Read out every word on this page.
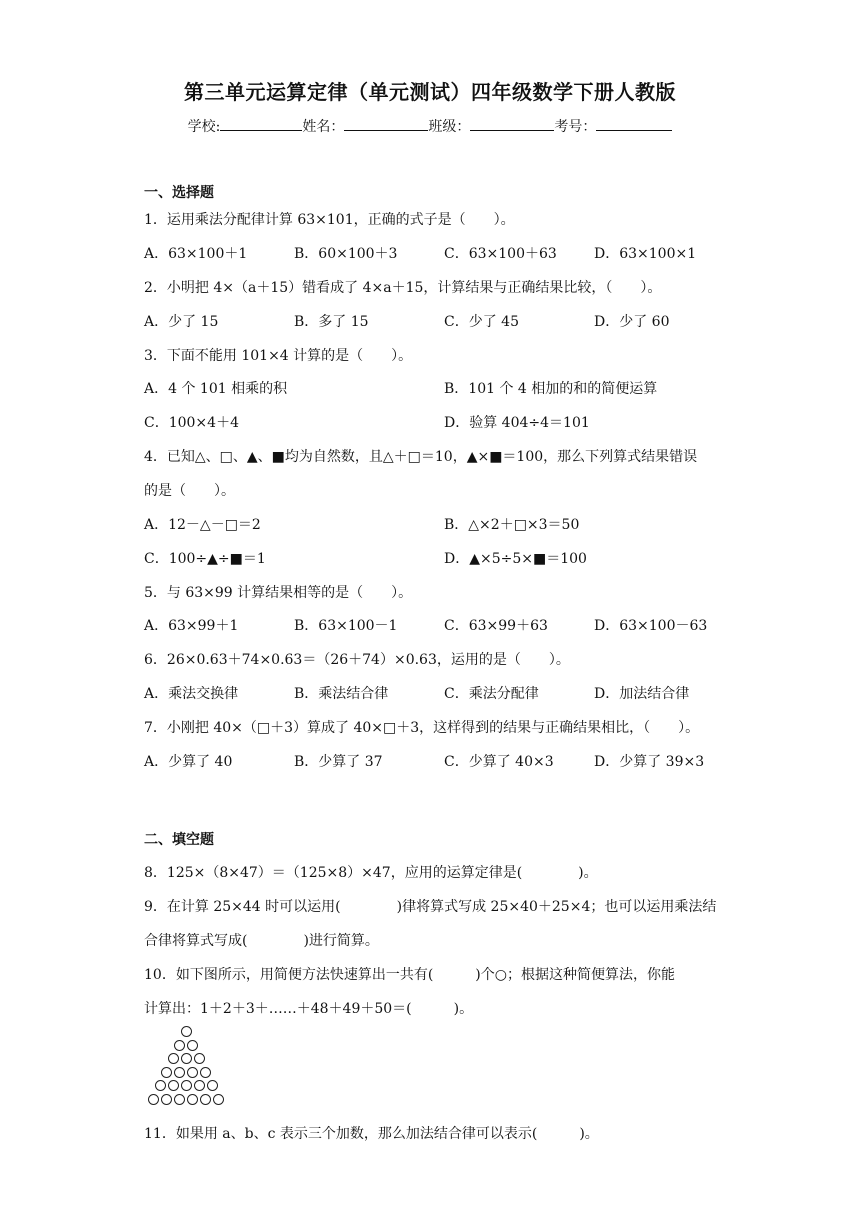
第三单元运算定律（单元测试）四年级数学下册人教版
学校:	姓名：	班级：	考号：
一、选择题
1．运用乘法分配律计算 63×101，正确的式子是（　　）。
A．63×100＋1	B．60×100＋3	C．63×100＋63	D．63×100×1
2．小明把 4×（a＋15）错看成了 4×a＋15，计算结果与正确结果比较，（　　）。
A．少了 15	B．多了 15	C．少了 45	D．少了 60
3．下面不能用 101×4 计算的是（　　）。
A．4 个 101 相乘的积	B．101 个 4 相加的和的简便运算
C．100×4＋4	D．验算 404÷4＝101
4．已知△、□、▲、■均为自然数，且△＋□＝10，▲×■＝100，那么下列算式结果错误
的是（　　）。
A．12－△－□＝2	B．△×2＋□×3＝50
C．100÷▲÷■＝1	D．▲×5÷5×■＝100
5．与 63×99 计算结果相等的是（　　）。
A．63×99＋1	B．63×100－1	C．63×99＋63	D．63×100－63
6．26×0.63＋74×0.63＝（26＋74）×0.63，运用的是（　　）。
A．乘法交换律	B．乘法结合律	C．乘法分配律	D．加法结合律
7．小刚把 40×（□＋3）算成了 40×□＋3，这样得到的结果与正确结果相比，（　　）。
A．少算了 40	B．少算了 37	C．少算了 40×3	D．少算了 39×3
二、填空题
8．125×（8×47）＝（125×8）×47，应用的运算定律是(　　　　)。
9．在计算 25×44 时可以运用(　　　　)律将算式写成 25×40＋25×4；也可以运用乘法结
合律将算式写成(　　　　)进行简算。
10．如下图所示，用简便方法快速算出一共有(　　　)个○；根据这种简便算法，你能
计算出：1＋2＋3＋……＋48＋49＋50＝(　　　)。
11．如果用 a、b、c 表示三个加数，那么加法结合律可以表示(　　　)。
